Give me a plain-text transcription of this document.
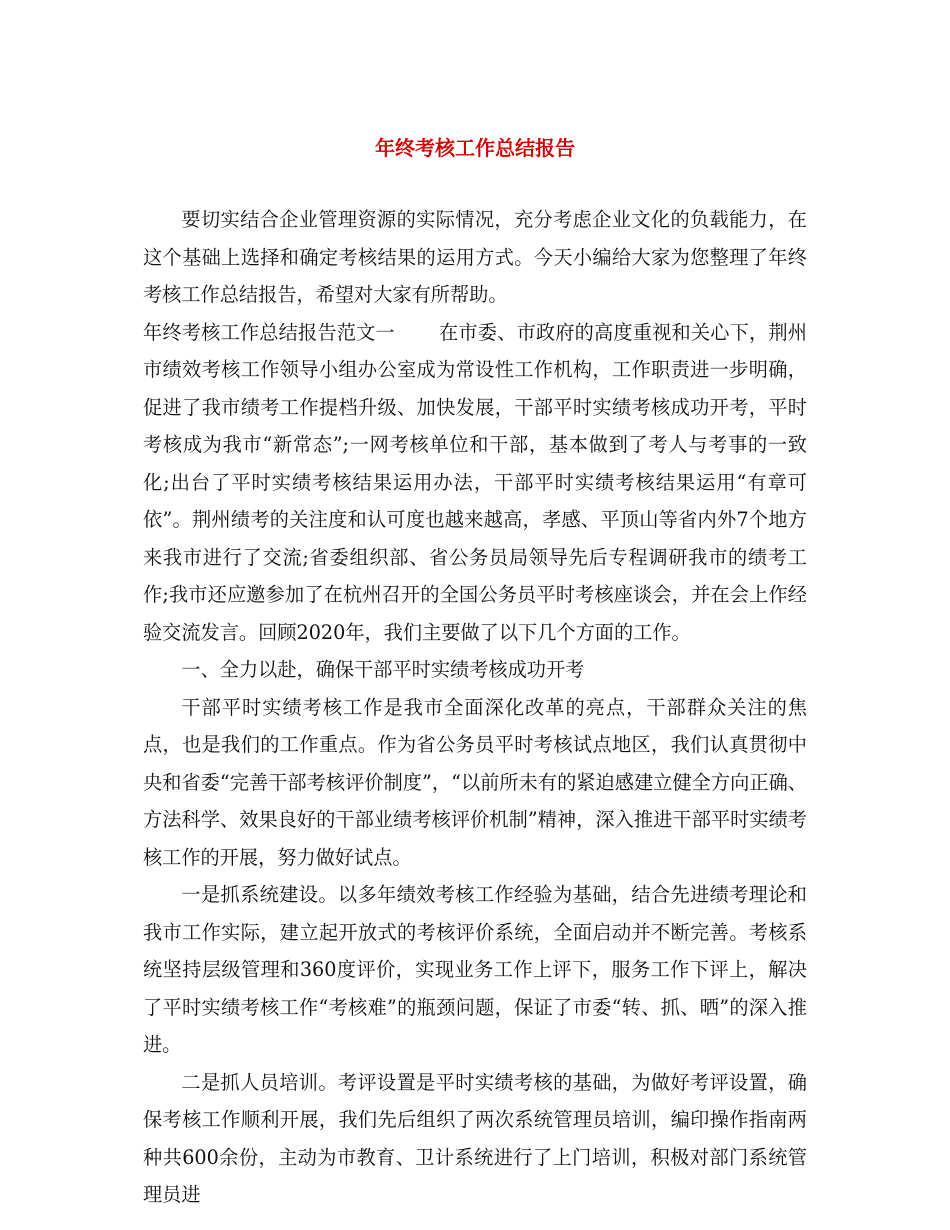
年终考核工作总结报告

要切实结合企业管理资源的实际情况，充分考虑企业文化的负载能力，在这个基础上选择和确定考核结果的运用方式。今天小编给大家为您整理了年终考核工作总结报告，希望对大家有所帮助。

年终考核工作总结报告范文一 在市委、市政府的高度重视和关心下，荆州市绩效考核工作领导小组办公室成为常设性工作机构，工作职责进一步明确，促进了我市绩考工作提档升级、加快发展，干部平时实绩考核成功开考，平时考核成为我市“新常态”;一网考核单位和干部，基本做到了考人与考事的一致化;出台了平时实绩考核结果运用办法，干部平时实绩考核结果运用“有章可依”。荆州绩考的关注度和认可度也越来越高，孝感、平顶山等省内外7个地方来我市进行了交流;省委组织部、省公务员局领导先后专程调研我市的绩考工作;我市还应邀参加了在杭州召开的全国公务员平时考核座谈会，并在会上作经验交流发言。回顾2020年，我们主要做了以下几个方面的工作。

一、全力以赴，确保干部平时实绩考核成功开考

干部平时实绩考核工作是我市全面深化改革的亮点，干部群众关注的焦点，也是我们的工作重点。作为省公务员平时考核试点地区，我们认真贯彻中央和省委“完善干部考核评价制度”，“以前所未有的紧迫感建立健全方向正确、方法科学、效果良好的干部业绩考核评价机制”精神，深入推进干部平时实绩考核工作的开展，努力做好试点。

一是抓系统建设。以多年绩效考核工作经验为基础，结合先进绩考理论和我市工作实际，建立起开放式的考核评价系统，全面启动并不断完善。考核系统坚持层级管理和360度评价，实现业务工作上评下，服务工作下评上，解决了平时实绩考核工作“考核难”的瓶颈问题，保证了市委“转、抓、晒”的深入推进。

二是抓人员培训。考评设置是平时实绩考核的基础，为做好考评设置，确保考核工作顺利开展，我们先后组织了两次系统管理员培训，编印操作指南两种共600余份，主动为市教育、卫计系统进行了上门培训，积极对部门系统管理员进
